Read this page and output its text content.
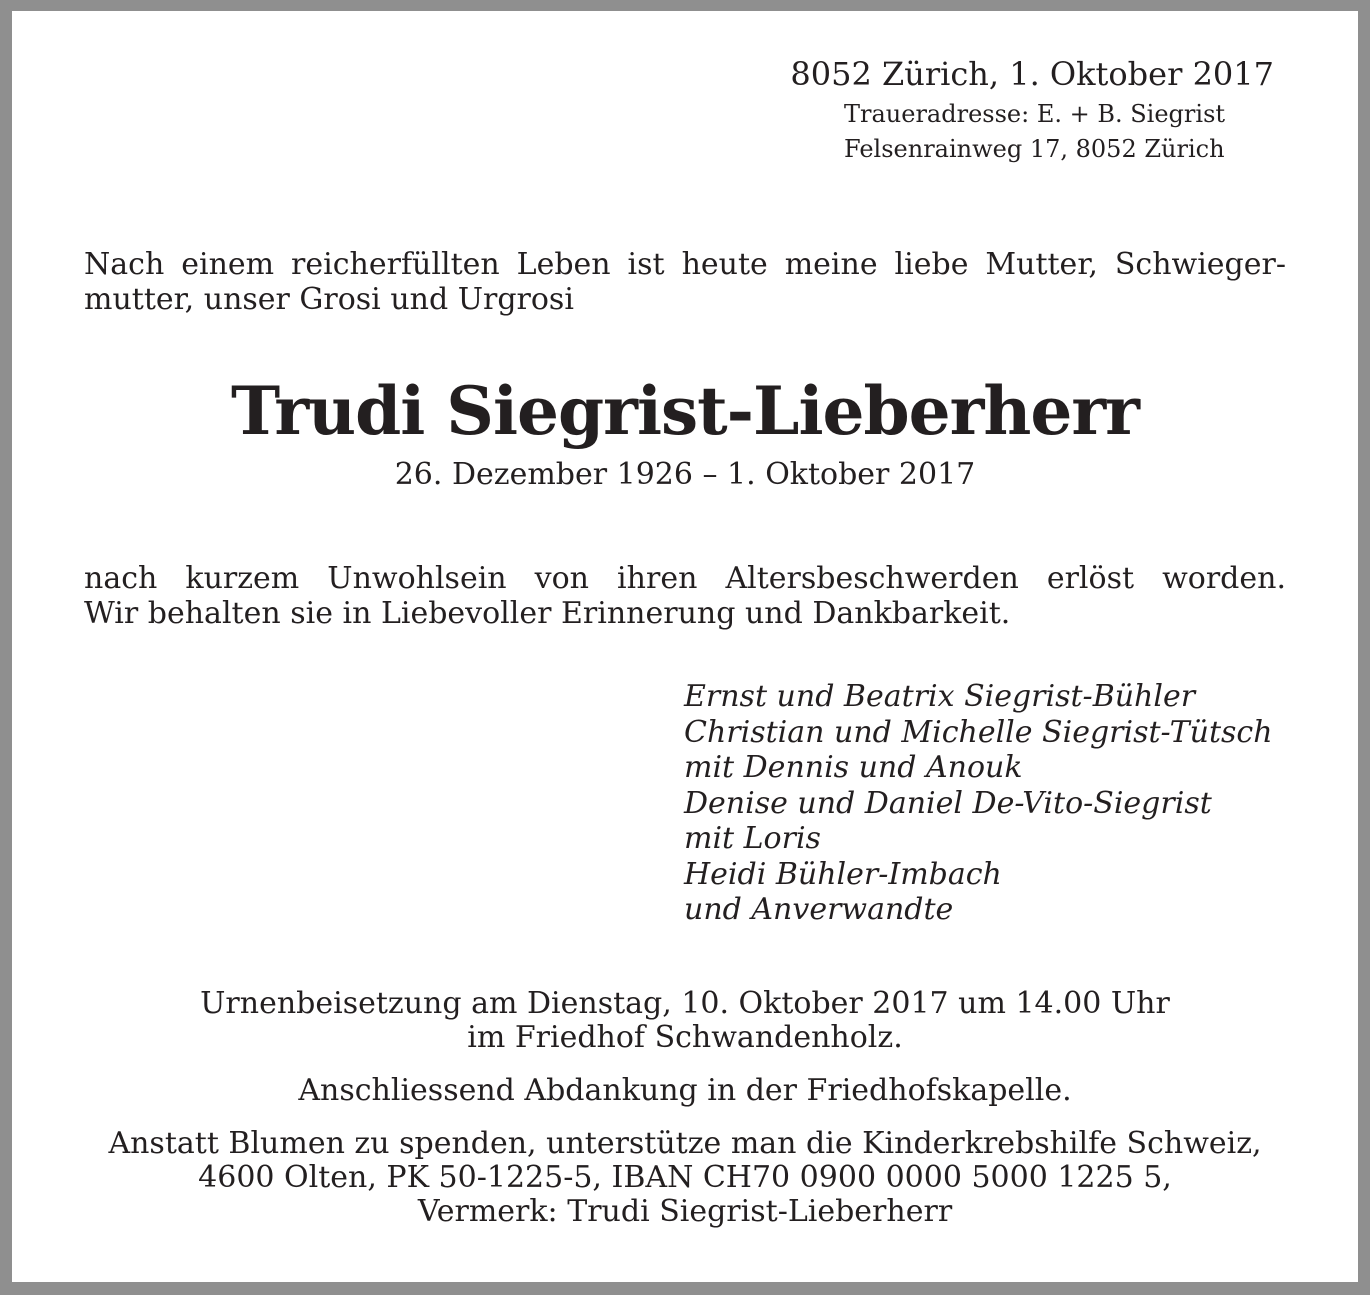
8052 Zürich, 1. Oktober 2017

Traueradresse: E. + B. Siegrist

Felsenrainweg 17, 8052 Zürich

Nach einem reicherfüllten Leben ist heute meine liebe Mutter, Schwieger-

mutter, unser Grosi und Urgrosi

Trudi Siegrist-Lieberherr

26. Dezember 1926 – 1. Oktober 2017

nach kurzem Unwohlsein von ihren Altersbeschwerden erlöst worden.

Wir behalten sie in Liebevoller Erinnerung und Dankbarkeit.

Ernst und Beatrix Siegrist-Bühler
Christian und Michelle Siegrist-Tütsch
mit Dennis und Anouk
Denise und Daniel De-Vito-Siegrist
mit Loris
Heidi Bühler-Imbach
und Anverwandte

Urnenbeisetzung am Dienstag, 10. Oktober 2017 um 14.00 Uhr

im Friedhof Schwandenholz.

Anschliessend Abdankung in der Friedhofskapelle.

Anstatt Blumen zu spenden, unterstütze man die Kinderkrebshilfe Schweiz,

4600 Olten, PK 50-1225-5, IBAN CH70 0900 0000 5000 1225 5,

Vermerk: Trudi Siegrist-Lieberherr
